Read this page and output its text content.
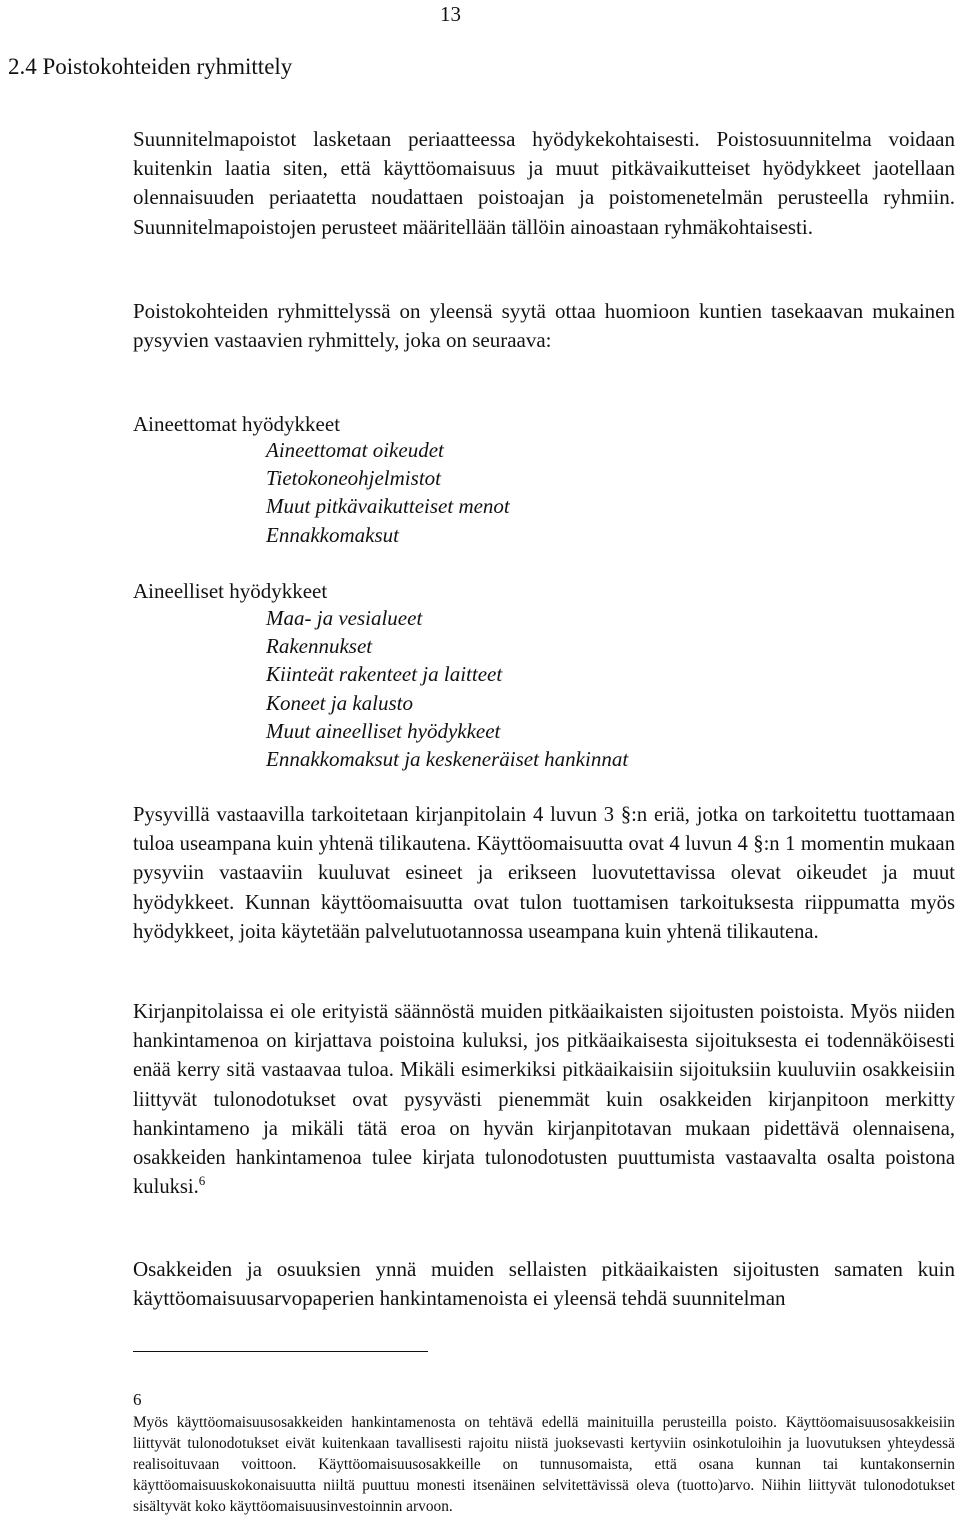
13
2.4 Poistokohteiden ryhmittely

Suunnitelmapoistot lasketaan periaatteessa hyödykekohtaisesti. Poistosuunnitelma voidaan kuitenkin laatia siten, että käyttöomaisuus ja muut pitkävaikutteiset hyödykkeet jaotellaan olennaisuuden periaatetta noudattaen poistoajan ja poistomenetelmän perusteella ryhmiin. Suunnitelmapoistojen perusteet määritellään tällöin ainoastaan ryhmäkohtaisesti.

Poistokohteiden ryhmittelyssä on yleensä syytä ottaa huomioon kuntien tasekaavan mukainen pysyvien vastaavien ryhmittely, joka on seuraava:

Aineettomat hyödykkeet
Aineettomat oikeudet
Tietokoneohjelmistot
Muut pitkävaikutteiset menot
Ennakkomaksut
Aineelliset hyödykkeet
Maa- ja vesialueet
Rakennukset
Kiinteät rakenteet ja laitteet
Koneet ja kalusto
Muut aineelliset hyödykkeet
Ennakkomaksut ja keskeneräiset hankinnat

Pysyvillä vastaavilla tarkoitetaan kirjanpitolain 4 luvun 3 §:n eriä, jotka on tarkoitettu tuottamaan tuloa useampana kuin yhtenä tilikautena. Käyttöomaisuutta ovat 4 luvun 4 §:n 1 momentin mukaan pysyviin vastaaviin kuuluvat esineet ja erikseen luovutettavissa olevat oikeudet ja muut hyödykkeet. Kunnan käyttöomaisuutta ovat tulon tuottamisen tarkoituksesta riippumatta myös hyödykkeet, joita käytetään palvelutuotannossa useampana kuin yhtenä tilikautena.

Kirjanpitolaissa ei ole erityistä säännöstä muiden pitkäaikaisten sijoitusten poistoista. Myös niiden hankintamenoa on kirjattava poistoina kuluksi, jos pitkäaikaisesta sijoituksesta ei todennäköisesti enää kerry sitä vastaavaa tuloa. Mikäli esimerkiksi pitkäaikaisiin sijoituksiin kuuluviin osakkeisiin liittyvät tulonodotukset ovat pysyvästi pienemmät kuin osakkeiden kirjanpitoon merkitty hankintameno ja mikäli tätä eroa on hyvän kirjanpitotavan mukaan pidettävä olennaisena, osakkeiden hankintamenoa tulee kirjata tulonodotusten puuttumista vastaavalta osalta poistona kuluksi.$^6$

Osakkeiden ja osuuksien ynnä muiden sellaisten pitkäaikaisten sijoitusten samaten kuin käyttöomaisuusarvopaperien hankintamenoista ei yleensä tehdä suunnitelman

6

Myös käyttöomaisuusosakkeiden hankintamenosta on tehtävä edellä mainituilla perusteilla poisto. Käyttöomaisuusosakkeisiin liittyvät tulonodotukset eivät kuitenkaan tavallisesti rajoitu niistä juoksevasti kertyviin osinkotuloihin ja luovutuksen yhteydessä realisoituvaan voittoon. Käyttöomaisuusosakkeille on tunnusomaista, että osana kunnan tai kuntakonsernin käyttöomaisuuskokonaisuutta niiltä puuttuu monesti itsenäinen selvitettävissä oleva (tuotto)arvo. Niihin liittyvät tulonodotukset sisältyvät koko käyttöomaisuusinvestoinnin arvoon.
